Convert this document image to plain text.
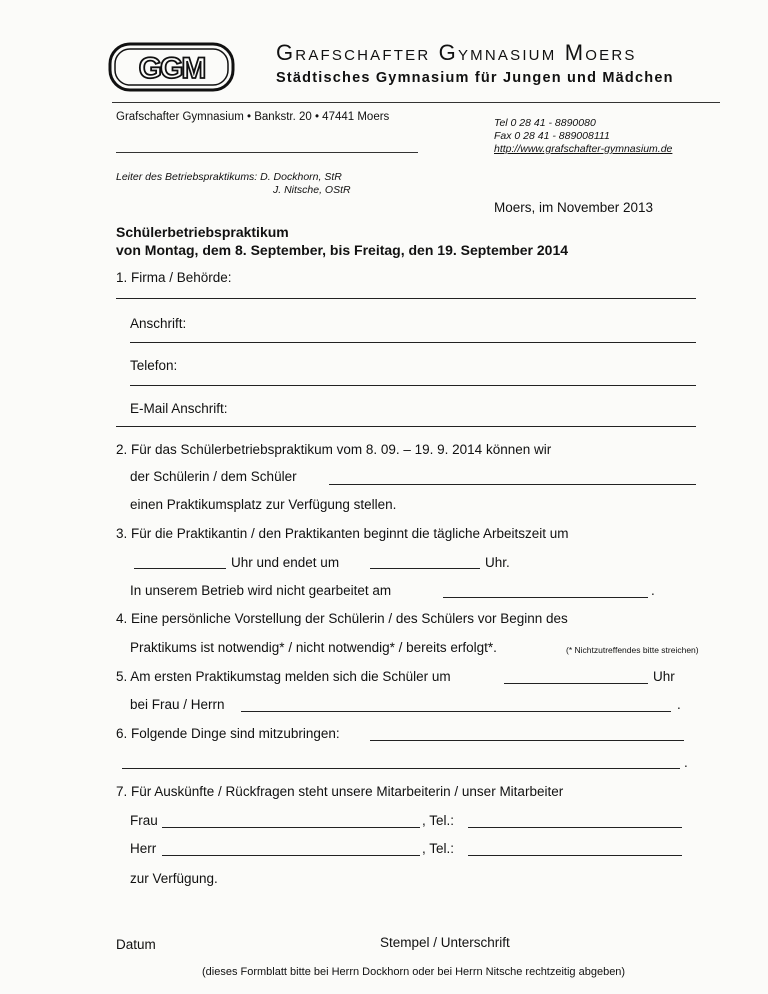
GGM	Grafschafter Gymnasium Moers
Städtisches Gymnasium für Jungen und Mädchen
Grafschafter Gymnasium • Bankstr. 20 • 47441 Moers	Tel 0 28 41 - 8890080
Fax 0 28 41 - 889008111
http://www.grafschafter-gymnasium.de
Leiter des Betriebspraktikums: D. Dockhorn, StR
J. Nitsche, OStR
Moers, im November 2013
Schülerbetriebspraktikum
von Montag, dem 8. September, bis Freitag, den 19. September 2014
1. Firma / Behörde:
Anschrift:
Telefon:
E-Mail Anschrift:
2. Für das Schülerbetriebspraktikum vom 8. 09. – 19. 9. 2014 können wir
der Schülerin / dem Schüler
einen Praktikumsplatz zur Verfügung stellen.
3. Für die Praktikantin / den Praktikanten beginnt die tägliche Arbeitszeit um
Uhr und endet um	Uhr.
In unserem Betrieb wird nicht gearbeitet am	.
4. Eine persönliche Vorstellung der Schülerin / des Schülers vor Beginn des
Praktikums ist notwendig* / nicht notwendig* / bereits erfolgt*.	(* Nichtzutreffendes bitte streichen)
5. Am ersten Praktikumstag melden sich die Schüler um	Uhr
bei Frau / Herrn	.
6. Folgende Dinge sind mitzubringen:
.
7. Für Auskünfte / Rückfragen steht unsere Mitarbeiterin / unser Mitarbeiter
Frau	, Tel.:
Herr	, Tel.:
zur Verfügung.
Datum	Stempel / Unterschrift
(dieses Formblatt bitte bei Herrn Dockhorn oder bei Herrn Nitsche rechtzeitig abgeben)
